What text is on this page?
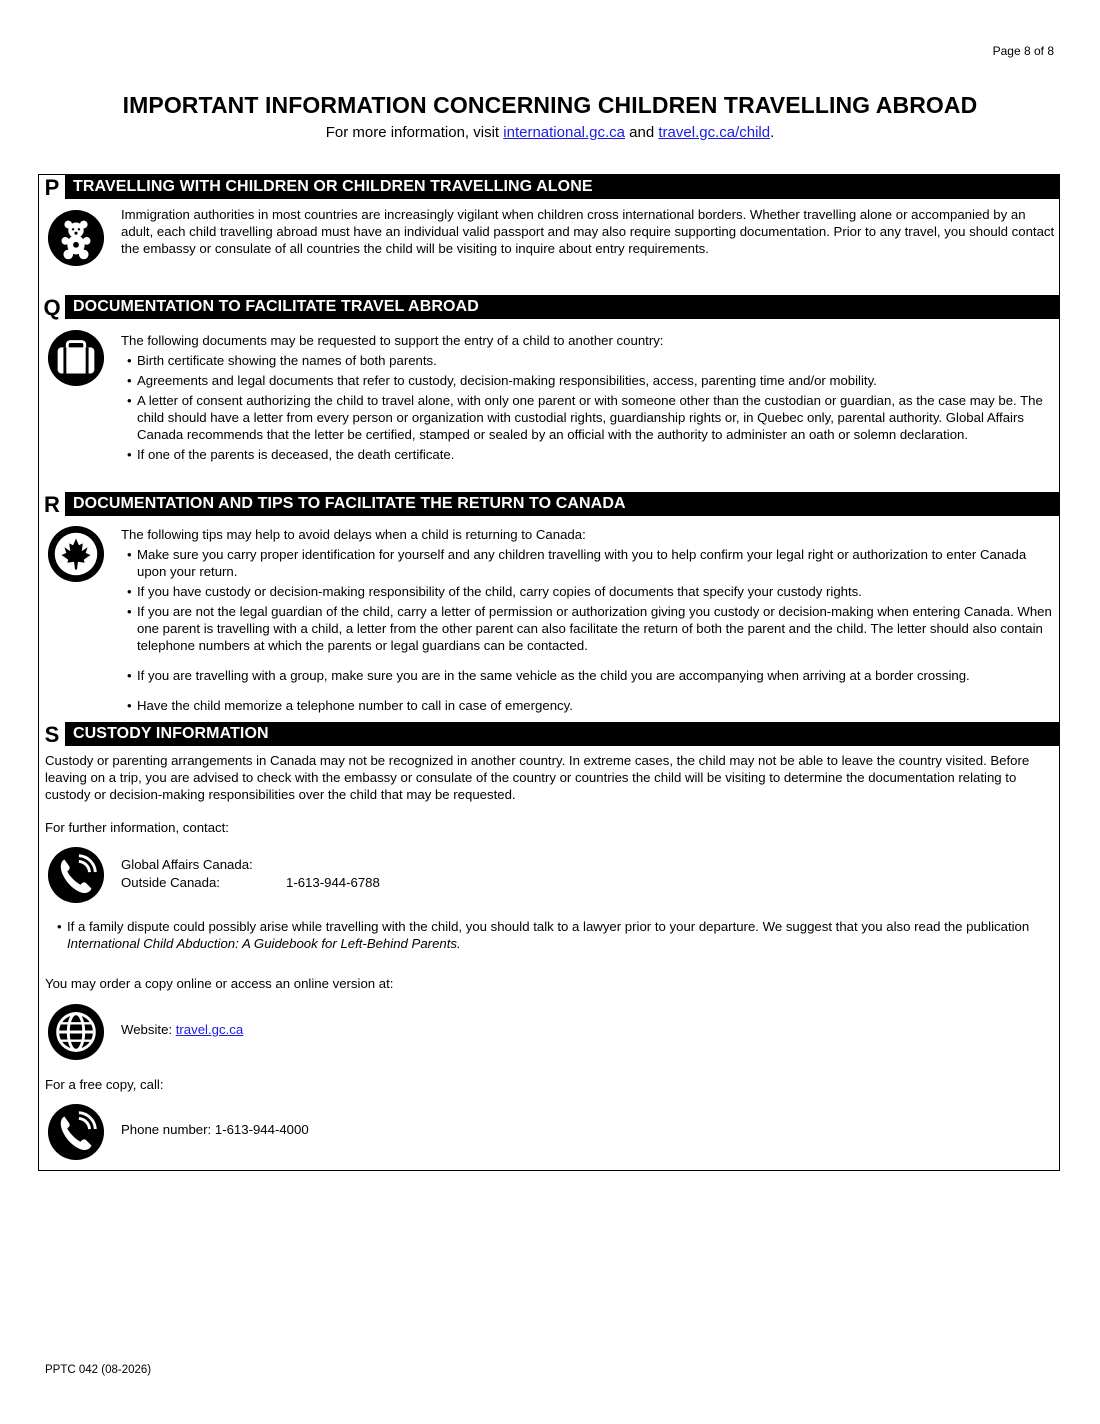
Page 8 of 8
IMPORTANT INFORMATION CONCERNING CHILDREN TRAVELLING ABROAD
For more information, visit international.gc.ca and travel.gc.ca/child.
P TRAVELLING WITH CHILDREN OR CHILDREN TRAVELLING ALONE
Immigration authorities in most countries are increasingly vigilant when children cross international borders. Whether travelling alone or accompanied by an adult, each child travelling abroad must have an individual valid passport and may also require supporting documentation. Prior to any travel, you should contact the embassy or consulate of all countries the child will be visiting to inquire about entry requirements.
Q DOCUMENTATION TO FACILITATE TRAVEL ABROAD

The following documents may be requested to support the entry of a child to another country:

• Birth certificate showing the names of both parents.
• Agreements and legal documents that refer to custody, decision-making responsibilities, access, parenting time and/or mobility.
• A letter of consent authorizing the child to travel alone, with only one parent or with someone other than the custodian or guardian, as the case may be. The child should have a letter from every person or organization with custodial rights, guardianship rights or, in Quebec only, parental authority. Global Affairs Canada recommends that the letter be certified, stamped or sealed by an official with the authority to administer an oath or solemn declaration.
• If one of the parents is deceased, the death certificate.
R DOCUMENTATION AND TIPS TO FACILITATE THE RETURN TO CANADA

The following tips may help to avoid delays when a child is returning to Canada:

• Make sure you carry proper identification for yourself and any children travelling with you to help confirm your legal right or authorization to enter Canada upon your return.
• If you have custody or decision-making responsibility of the child, carry copies of documents that specify your custody rights.
• If you are not the legal guardian of the child, carry a letter of permission or authorization giving you custody or decision-making when entering Canada. When one parent is travelling with a child, a letter from the other parent can also facilitate the return of both the parent and the child. The letter should also contain telephone numbers at which the parents or legal guardians can be contacted.
• If you are travelling with a group, make sure you are in the same vehicle as the child you are accompanying when arriving at a border crossing.
• Have the child memorize a telephone number to call in case of emergency.
S CUSTODY INFORMATION
Custody or parenting arrangements in Canada may not be recognized in another country. In extreme cases, the child may not be able to leave the country visited. Before leaving on a trip, you are advised to check with the embassy or consulate of the country or countries the child will be visiting to determine the documentation relating to custody or decision-making responsibilities over the child that may be requested.
For further information, contact:
Global Affairs Canada:
Outside Canada:	1-613-944-6788
• If a family dispute could possibly arise while travelling with the child, you should talk to a lawyer prior to your departure. We suggest that you also read the publication International Child Abduction: A Guidebook for Left-Behind Parents.
You may order a copy online or access an online version at:
Website: travel.gc.ca
For a free copy, call:
Phone number: 1-613-944-4000
PPTC 042 (08-2026)
